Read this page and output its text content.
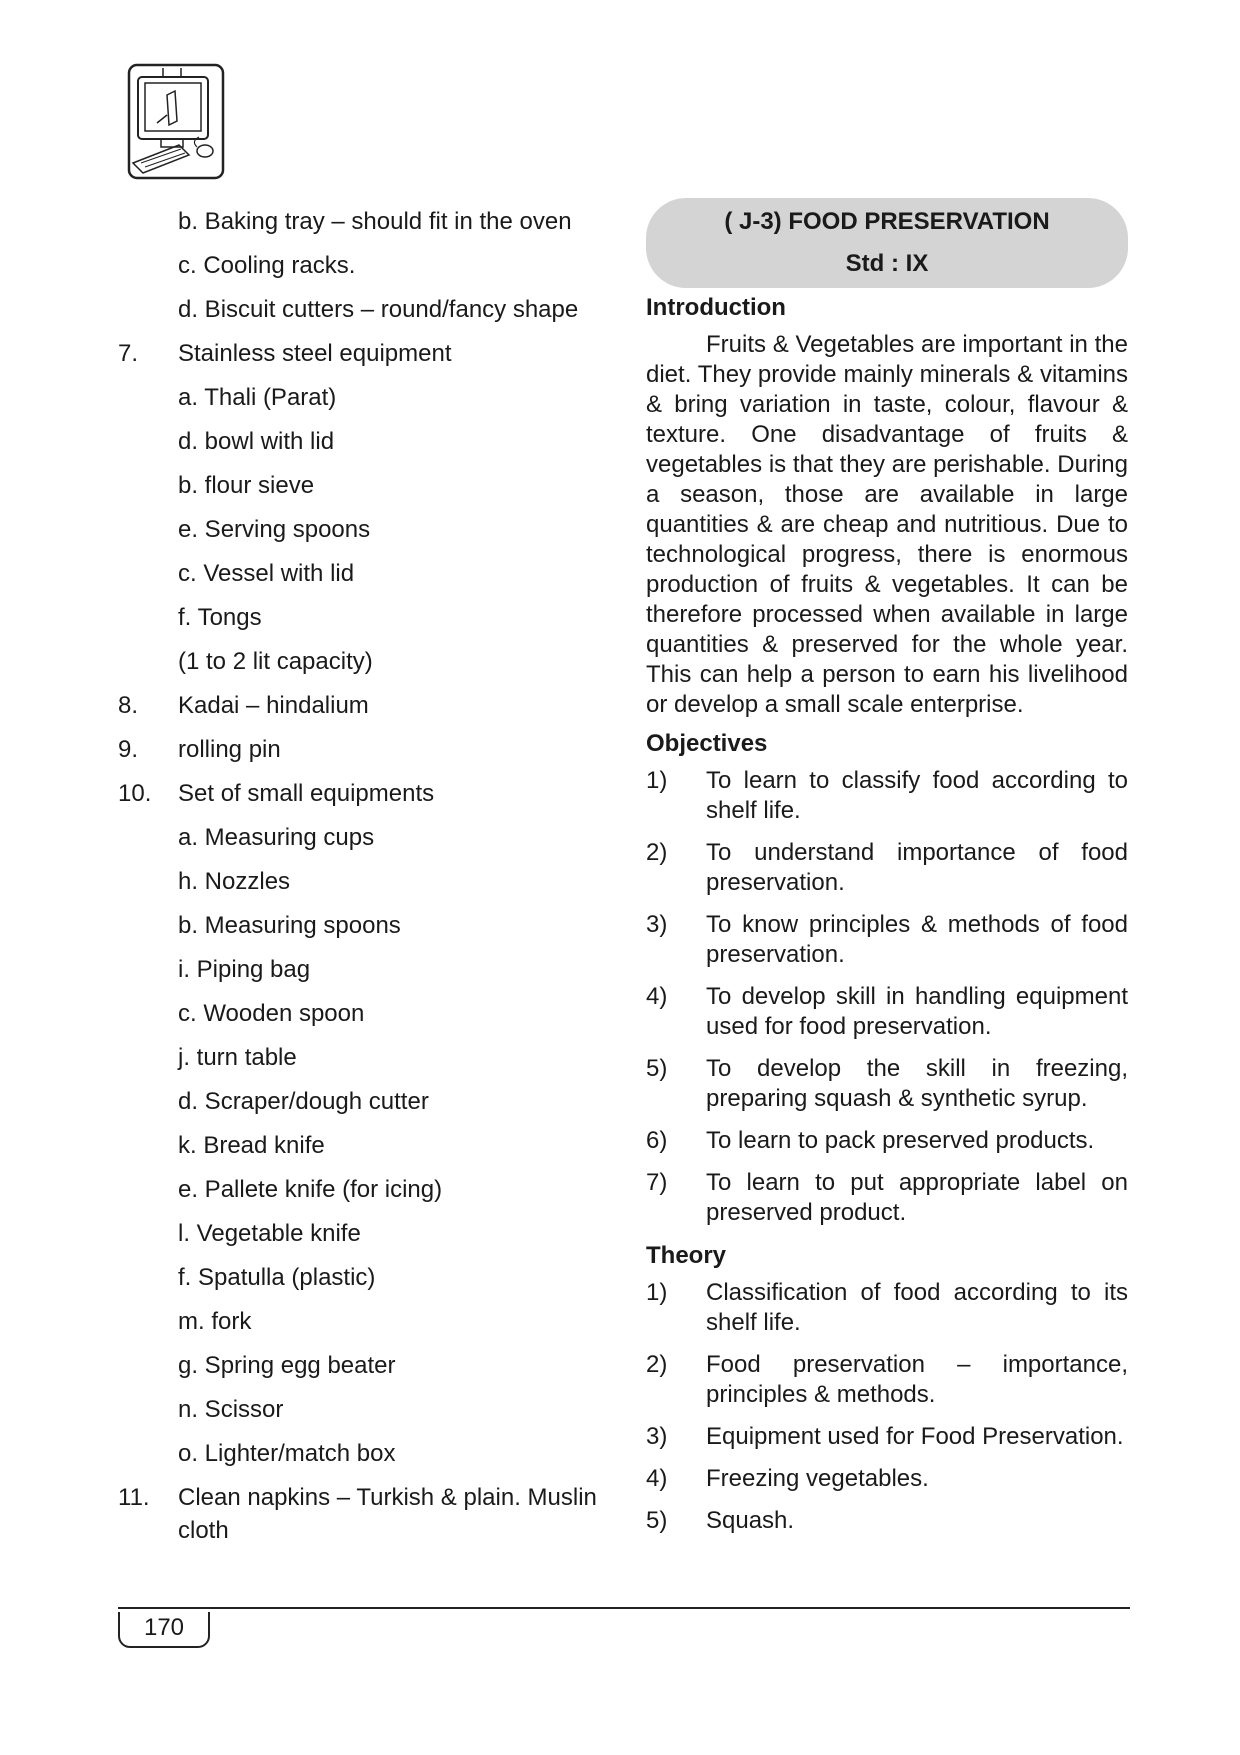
b. Baking tray – should fit in the oven
c. Cooling racks.
d. Biscuit cutters – round/fancy shape
7.	Stainless steel equipment
a. Thali (Parat)
d. bowl with lid
b. flour sieve
e. Serving spoons
c. Vessel with lid
f. Tongs
(1 to 2 lit capacity)
8.	Kadai – hindalium
9.	rolling pin
10.	Set of small equipments
a. Measuring cups
h. Nozzles
b. Measuring spoons
i. Piping bag
c. Wooden spoon
j. turn table
d. Scraper/dough cutter
k. Bread knife
e. Pallete knife (for icing)
l. Vegetable knife
f. Spatulla (plastic)
m. fork
g. Spring egg beater
n. Scissor
o. Lighter/match box
11.	Clean napkins – Turkish & plain. Muslin cloth
( J-3) FOOD PRESERVATION
Std : IX
Introduction
Fruits & Vegetables are important in the diet. They provide mainly minerals & vitamins & bring variation in taste, colour, flavour & texture. One disadvantage of fruits & vegetables is that they are perishable. During a season, those are available in large quantities & are cheap and nutritious. Due to technological progress, there is enormous production of fruits & vegetables. It can be therefore processed when available in large quantities & preserved for the whole year. This can help a person to earn his livelihood or develop a small scale enterprise.
Objectives
1)	To learn to classify food according to shelf life.
2)	To understand importance of food preservation.
3)	To know principles & methods of food preservation.
4)	To develop skill in handling equipment used for food preservation.
5)	To develop the skill in freezing, preparing squash & synthetic syrup.
6)	To learn to pack preserved products.
7)	To learn to put appropriate label on preserved product.
Theory
1)	Classification of food according to its shelf life.
2)	Food preservation – importance, principles & methods.
3)	Equipment used for Food Preservation.
4)	Freezing vegetables.
5)	Squash.
170
